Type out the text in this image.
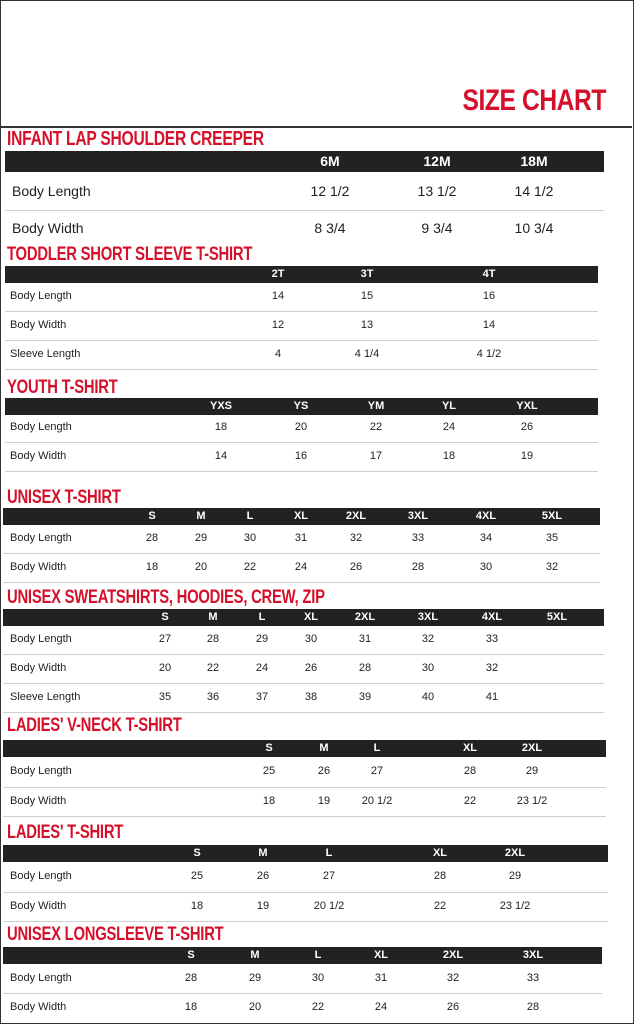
SIZE CHART
INFANT LAP SHOULDER CREEPER
6M	12M	18M
Body Length	12 1/2	13 1/2	14 1/2
Body Width	8 3/4	9 3/4	10 3/4
TODDLER SHORT SLEEVE T-SHIRT
2T	3T	4T
Body Length	14	15	16
Body Width	12	13	14
Sleeve Length	4	4 1/4	4 1/2
YOUTH T-SHIRT
YXS	YS	YM	YL	YXL
Body Length	18	20	22	24	26
Body Width	14	16	17	18	19
UNISEX T-SHIRT
S	M	L	XL	2XL	3XL	4XL	5XL
Body Length	28	29	30	31	32	33	34	35
Body Width	18	20	22	24	26	28	30	32
UNISEX SWEATSHIRTS, HOODIES, CREW, ZIP
S	M	L	XL	2XL	3XL	4XL	5XL
Body Length	27	28	29	30	31	32	33
Body Width	20	22	24	26	28	30	32
Sleeve Length	35	36	37	38	39	40	41
LADIES' V-NECK T-SHIRT
S	M	L	XL	2XL
Body Length	25	26	27	28	29
Body Width	18	19	20 1/2	22	23 1/2
LADIES' T-SHIRT
S	M	L	XL	2XL
Body Length	25	26	27	28	29
Body Width	18	19	20 1/2	22	23 1/2
UNISEX LONGSLEEVE T-SHIRT
S	M	L	XL	2XL	3XL
Body Length	28	29	30	31	32	33
Body Width	18	20	22	24	26	28
